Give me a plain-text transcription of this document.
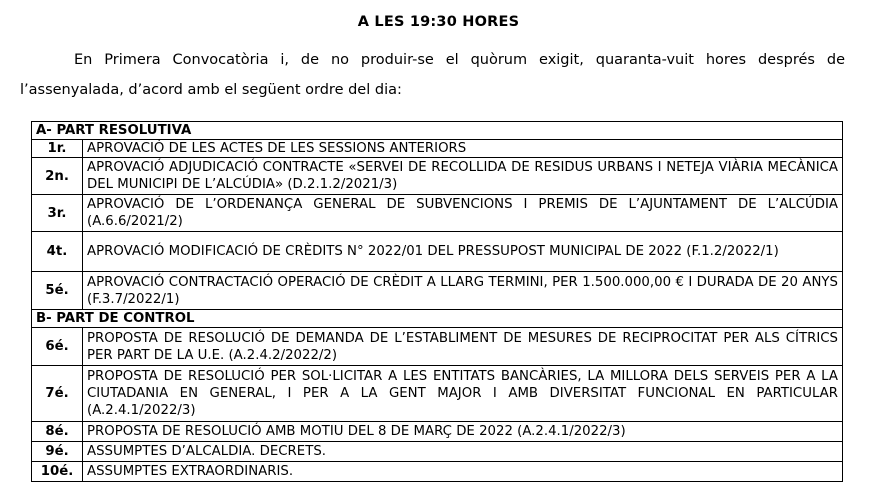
A LES 19:30 HORES
En Primera Convocatòria i, de no produir-se el quòrum exigit, quaranta-vuit hores després de
l’assenyalada, d’acord amb el següent ordre del dia:
A- PART RESOLUTIVA	
1r.	APROVACIÓ DE LES ACTES DE LES SESSIONS ANTERIORS
2n.	APROVACIÓ ADJUDICACIÓ CONTRACTE «SERVEI DE RECOLLIDA DE RESIDUS URBANS I NETEJA VIÀRIA MECÀNICA DEL MUNICIPI DE L’ALCÚDIA» (D.2.1.2/2021/3)
3r.	APROVACIÓ DE L’ORDENANÇA GENERAL DE SUBVENCIONS I PREMIS DE L’AJUNTAMENT DE L’ALCÚDIA (A.6.6/2021/2)
4t.	APROVACIÓ MODIFICACIÓ DE CRÈDITS N° 2022/01 DEL PRESSUPOST MUNICIPAL DE 2022 (F.1.2/2022/1)
5é.	APROVACIÓ CONTRACTACIÓ OPERACIÓ DE CRÈDIT A LLARG TERMINI, PER 1.500.000,00 € I DURADA DE 20 ANYS (F.3.7/2022/1)
B- PART DE CONTROL	
6é.	PROPOSTA DE RESOLUCIÓ DE DEMANDA DE L’ESTABLIMENT DE MESURES DE RECIPROCITAT PER ALS CÍTRICS PER PART DE LA U.E. (A.2.4.2/2022/2)
7é.	PROPOSTA DE RESOLUCIÓ PER SOL·LICITAR A LES ENTITATS BANCÀRIES, LA MILLORA DELS SERVEIS PER A LA CIUTADANIA EN GENERAL, I PER A LA GENT MAJOR I AMB DIVERSITAT FUNCIONAL EN PARTICULAR (A.2.4.1/2022/3)
8é.	PROPOSTA DE RESOLUCIÓ AMB MOTIU DEL 8 DE MARÇ DE 2022 (A.2.4.1/2022/3)
9é.	ASSUMPTES D’ALCALDIA. DECRETS.
10é.	ASSUMPTES EXTRAORDINARIS.
